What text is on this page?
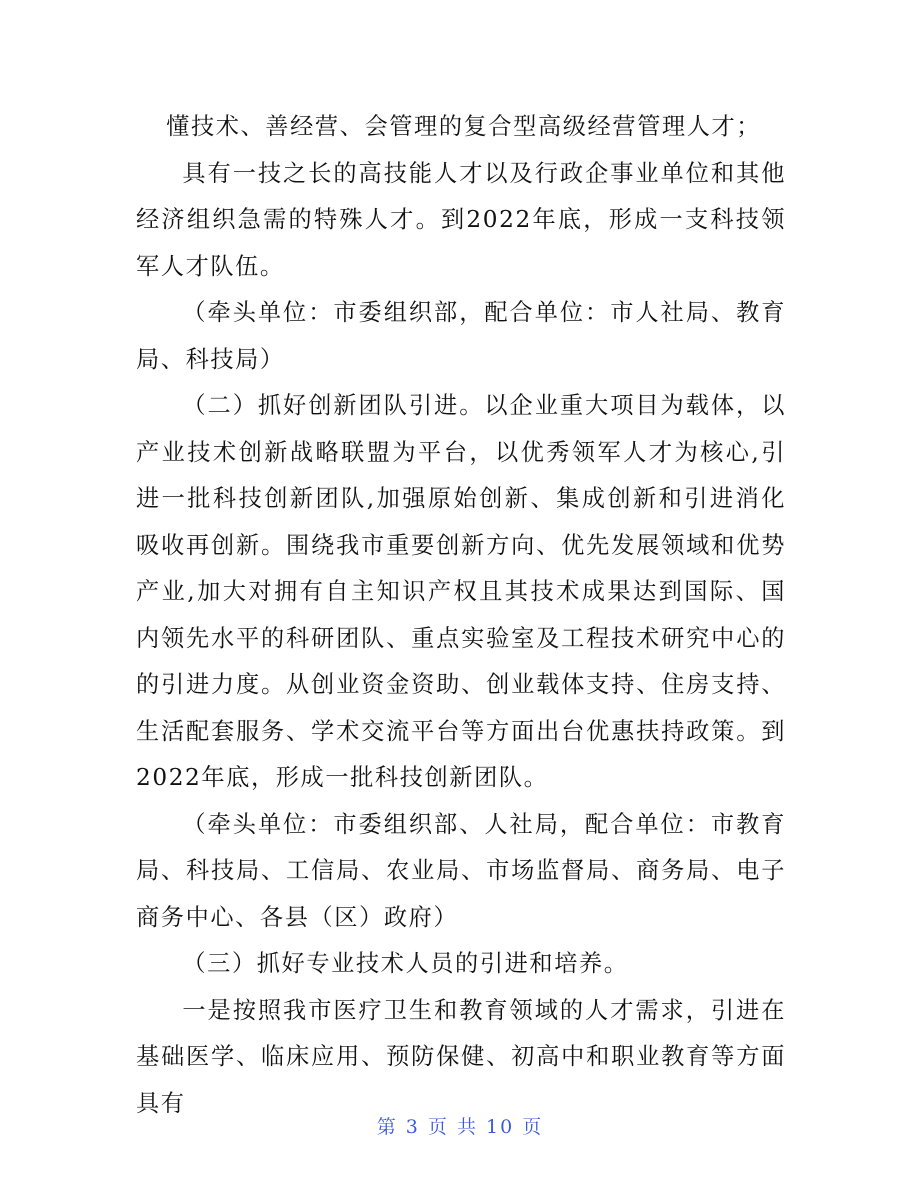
懂技术、善经营、会管理的复合型高级经营管理人才；

具有一技之长的高技能人才以及行政企事业单位和其他经济组织急需的特殊人才。到2022年底，形成一支科技领军人才队伍。

（牵头单位：市委组织部，配合单位：市人社局、教育局、科技局）

（二）抓好创新团队引进。以企业重大项目为载体，以产业技术创新战略联盟为平台，以优秀领军人才为核心,引进一批科技创新团队,加强原始创新、集成创新和引进消化吸收再创新。围绕我市重要创新方向、优先发展领域和优势产业,加大对拥有自主知识产权且其技术成果达到国际、国内领先水平的科研团队、重点实验室及工程技术研究中心的的引进力度。从创业资金资助、创业载体支持、住房支持、生活配套服务、学术交流平台等方面出台优惠扶持政策。到2022年底，形成一批科技创新团队。

（牵头单位：市委组织部、人社局，配合单位：市教育局、科技局、工信局、农业局、市场监督局、商务局、电子商务中心、各县（区）政府）

（三）抓好专业技术人员的引进和培养。

一是按照我市医疗卫生和教育领域的人才需求，引进在基础医学、临床应用、预防保健、初高中和职业教育等方面具有

第 3 页 共 10 页
